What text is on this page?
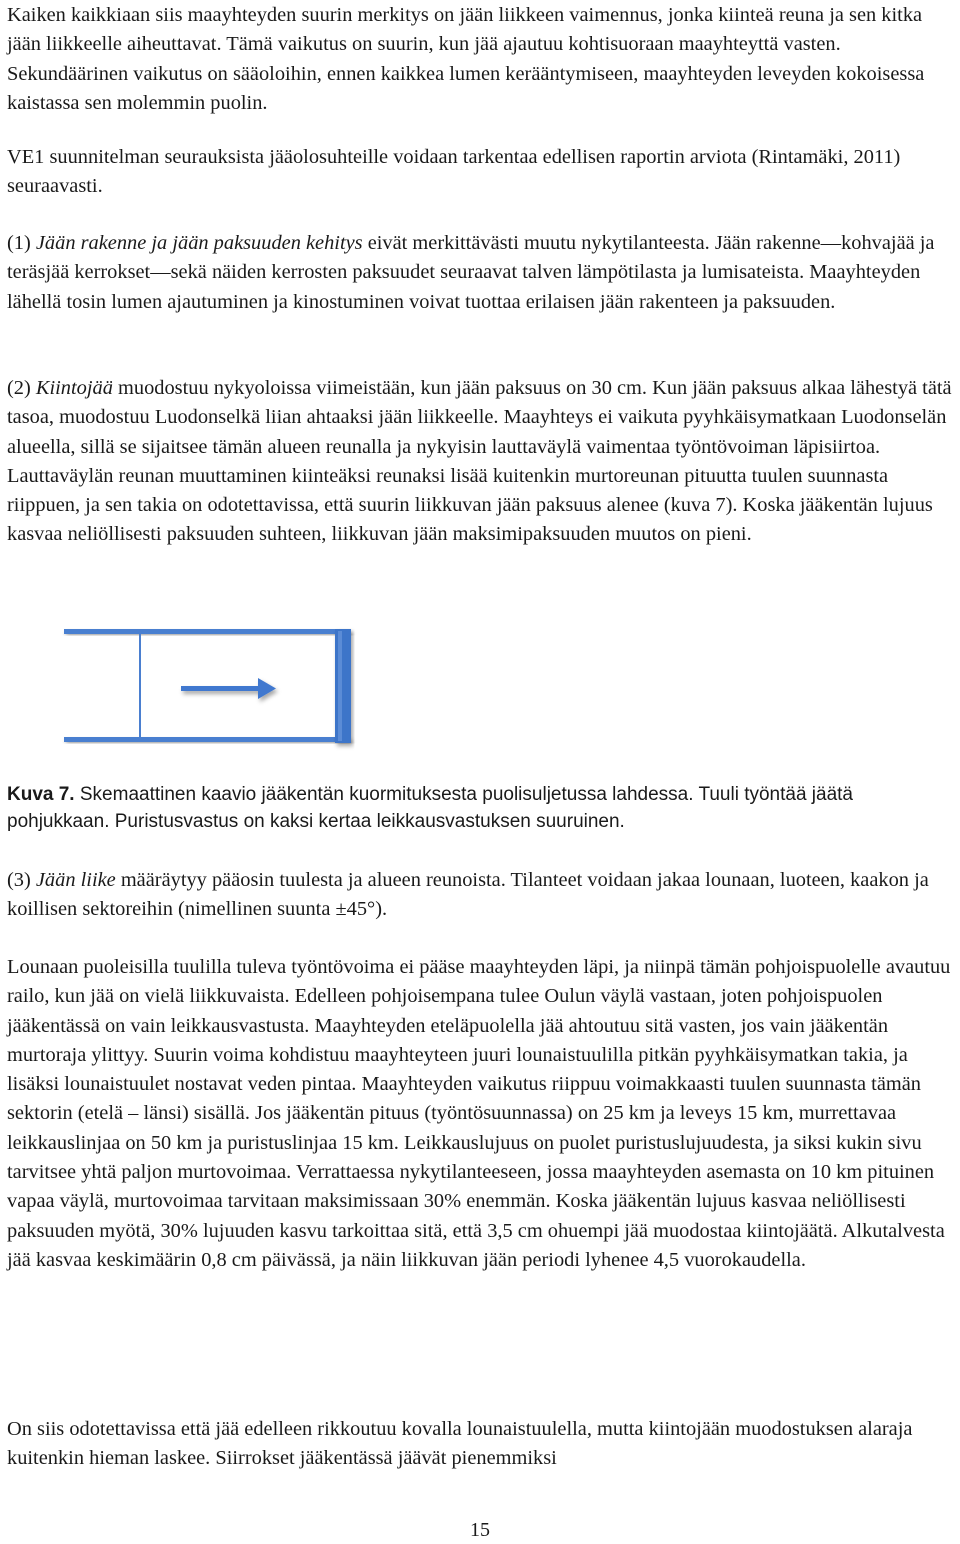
Kaiken kaikkiaan siis maayhteyden suurin merkitys on jään liikkeen vaimennus, jonka kiinteä reuna ja sen kitka jään liikkeelle aiheuttavat. Tämä vaikutus on suurin, kun jää ajautuu kohtisuoraan maayhteyttä vasten. Sekundäärinen vaikutus on sääoloihin, ennen kaikkea lumen kerääntymiseen, maayhteyden leveyden kokoisessa kaistassa sen molemmin puolin.

VE1 suunnitelman seurauksista jääolosuhteille voidaan tarkentaa edellisen raportin arviota (Rintamäki, 2011) seuraavasti.

(1) Jään rakenne ja jään paksuuden kehitys eivät merkittävästi muutu nykytilanteesta. Jään rakenne—kohvajää ja teräsjää kerrokset—sekä näiden kerrosten paksuudet seuraavat talven lämpötilasta ja lumisateista. Maayhteyden lähellä tosin lumen ajautuminen ja kinostuminen voivat tuottaa erilaisen jään rakenteen ja paksuuden.

(2) Kiintojää muodostuu nykyoloissa viimeistään, kun jään paksuus on 30 cm. Kun jään paksuus alkaa lähestyä tätä tasoa, muodostuu Luodonselkä liian ahtaaksi jään liikkeelle. Maayhteys ei vaikuta pyyhkäisymatkaan Luodonselän alueella, sillä se sijaitsee tämän alueen reunalla ja nykyisin lauttaväylä vaimentaa työntövoiman läpisiirtoa. Lauttaväylän reunan muuttaminen kiinteäksi reunaksi lisää kuitenkin murtoreunan pituutta tuulen suunnasta riippuen, ja sen takia on odotettavissa, että suurin liikkuvan jään paksuus alenee (kuva 7). Koska jääkentän lujuus kasvaa neliöllisesti paksuuden suhteen, liikkuvan jään maksimipaksuuden muutos on pieni.

Kuva 7. Skemaattinen kaavio jääkentän kuormituksesta puolisuljetussa lahdessa. Tuuli työntää jäätä pohjukkaan. Puristusvastus on kaksi kertaa leikkausvastuksen suuruinen.

(3) Jään liike määräytyy pääosin tuulesta ja alueen reunoista. Tilanteet voidaan jakaa lounaan, luoteen, kaakon ja koillisen sektoreihin (nimellinen suunta ±45°).

Lounaan puoleisilla tuulilla tuleva työntövoima ei pääse maayhteyden läpi, ja niinpä tämän pohjoispuolelle avautuu railo, kun jää on vielä liikkuvaista. Edelleen pohjoisempana tulee Oulun väylä vastaan, joten pohjoispuolen jääkentässä on vain leikkausvastusta. Maayhteyden eteläpuolella jää ahtoutuu sitä vasten, jos vain jääkentän murtoraja ylittyy. Suurin voima kohdistuu maayhteyteen juuri lounaistuulilla pitkän pyyhkäisymatkan takia, ja lisäksi lounaistuulet nostavat veden pintaa. Maayhteyden vaikutus riippuu voimakkaasti tuulen suunnasta tämän sektorin (etelä – länsi) sisällä. Jos jääkentän pituus (työntösuunnassa) on 25 km ja leveys 15 km, murrettavaa leikkauslinjaa on 50 km ja puristuslinjaa 15 km. Leikkauslujuus on puolet puristuslujuudesta, ja siksi kukin sivu tarvitsee yhtä paljon murtovoimaa. Verrattaessa nykytilanteeseen, jossa maayhteyden asemasta on 10 km pituinen vapaa väylä, murtovoimaa tarvitaan maksimissaan 30% enemmän. Koska jääkentän lujuus kasvaa neliöllisesti paksuuden myötä, 30% lujuuden kasvu tarkoittaa sitä, että 3,5 cm ohuempi jää muodostaa kiintojäätä. Alkutalvesta jää kasvaa keskimäärin 0,8 cm päivässä, ja näin liikkuvan jään periodi lyhenee 4,5 vuorokaudella.

On siis odotettavissa että jää edelleen rikkoutuu kovalla lounaistuulella, mutta kiintojään muodostuksen alaraja kuitenkin hieman laskee. Siirrokset jääkentässä jäävät pienemmiksi

15
